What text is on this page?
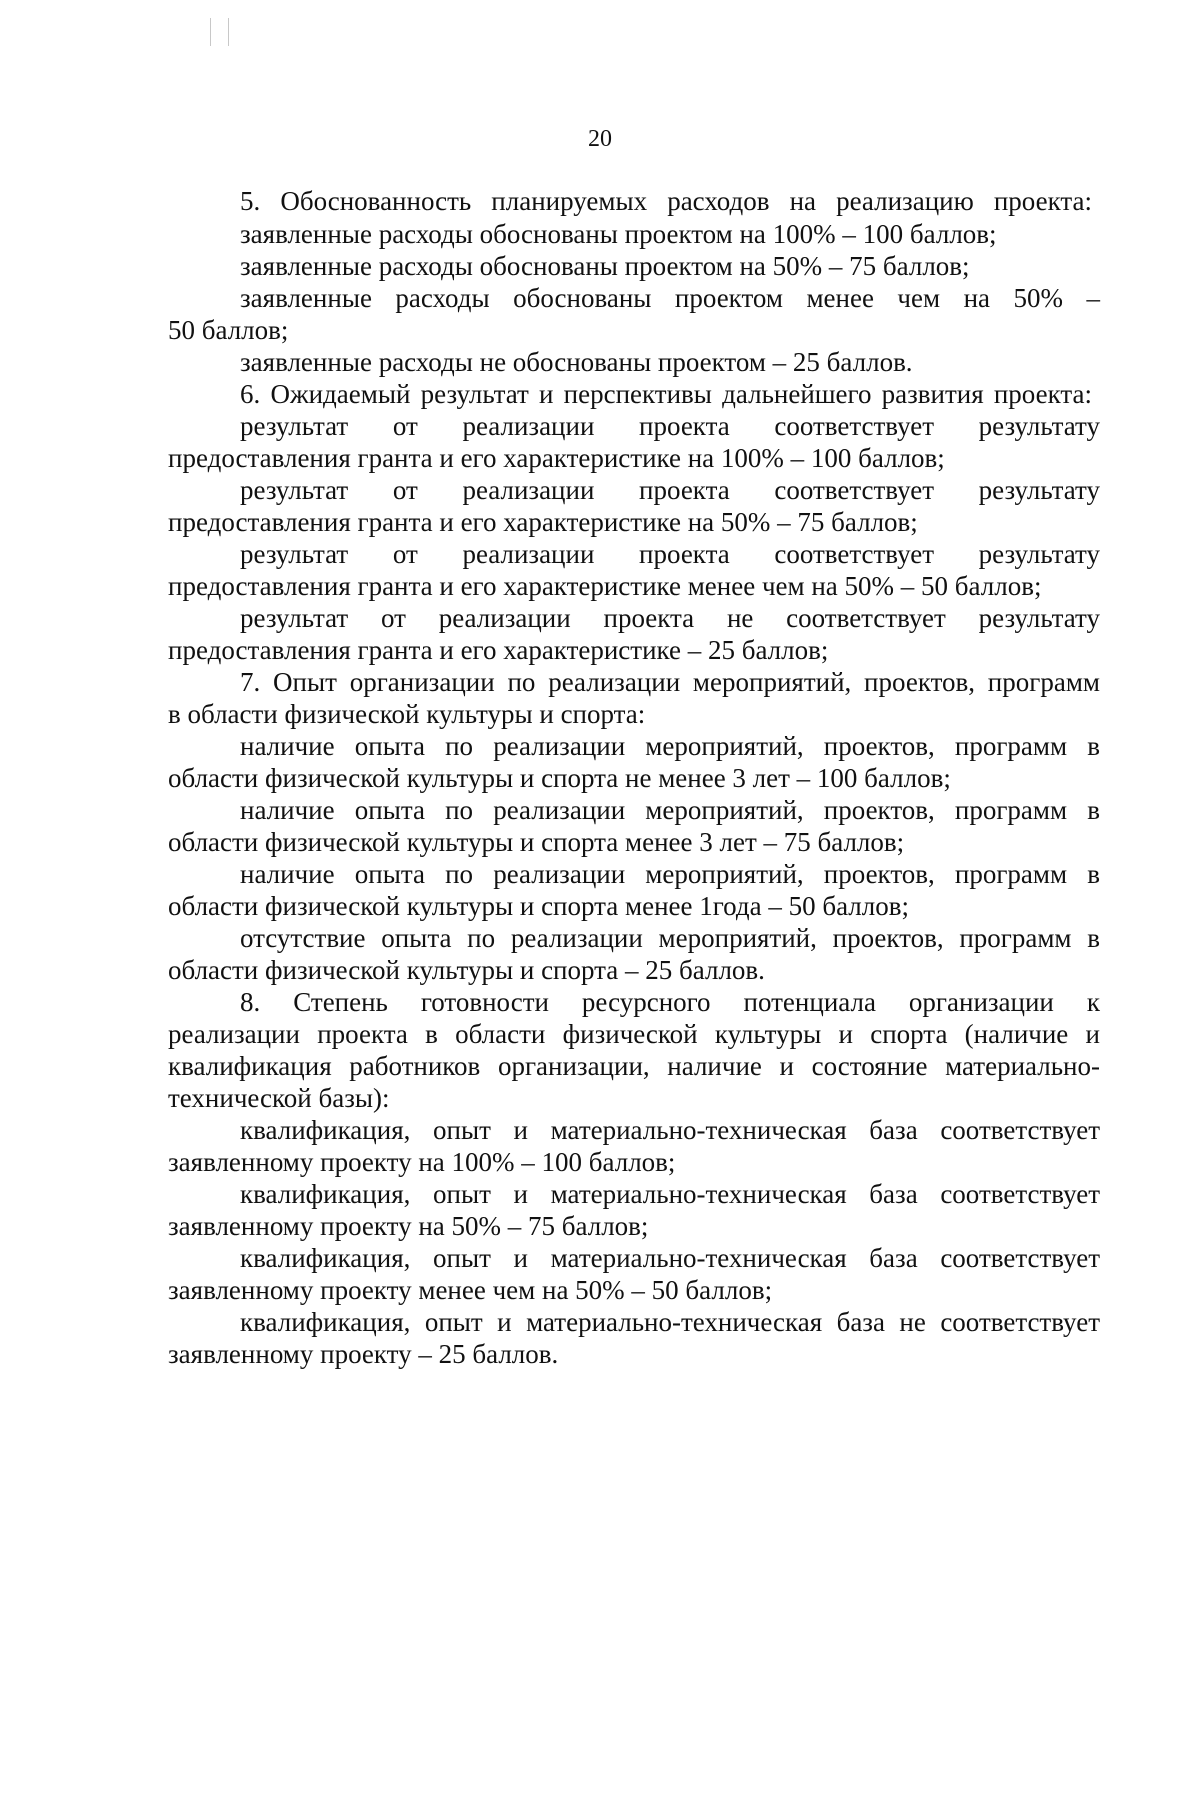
20

5. Обоснованность планируемых расходов на реализацию проекта:

заявленные расходы обоснованы проектом на 100% – 100 баллов;

заявленные расходы обоснованы проектом на 50% – 75 баллов;

заявленные расходы обоснованы проектом менее чем на 50% –

50 баллов;

заявленные расходы не обоснованы проектом – 25 баллов.

6. Ожидаемый результат и перспективы дальнейшего развития проекта:

результат от реализации проекта соответствует результату

предоставления гранта и его характеристике на 100% – 100 баллов;

результат от реализации проекта соответствует результату

предоставления гранта и его характеристике на 50% – 75 баллов;

результат от реализации проекта соответствует результату

предоставления гранта и его характеристике менее чем на 50% – 50 баллов;

результат от реализации проекта не соответствует результату

предоставления гранта и его характеристике – 25 баллов;

7. Опыт организации по реализации мероприятий, проектов, программ

в области физической культуры и спорта:

наличие опыта по реализации мероприятий, проектов, программ в

области физической культуры и спорта не менее 3 лет – 100 баллов;

наличие опыта по реализации мероприятий, проектов, программ в

области физической культуры и спорта менее 3 лет – 75 баллов;

наличие опыта по реализации мероприятий, проектов, программ в

области физической культуры и спорта менее 1года – 50 баллов;

отсутствие опыта по реализации мероприятий, проектов, программ в

области физической культуры и спорта – 25 баллов.

8. Степень готовности ресурсного потенциала организации к

реализации проекта в области физической культуры и спорта (наличие и

квалификация работников организации, наличие и состояние материально-

технической базы):

квалификация, опыт и материально-техническая база соответствует

заявленному проекту на 100% – 100 баллов;

квалификация, опыт и материально-техническая база соответствует

заявленному проекту на 50% – 75 баллов;

квалификация, опыт и материально-техническая база соответствует

заявленному проекту менее чем на 50% – 50 баллов;

квалификация, опыт и материально-техническая база не соответствует

заявленному проекту – 25 баллов.
